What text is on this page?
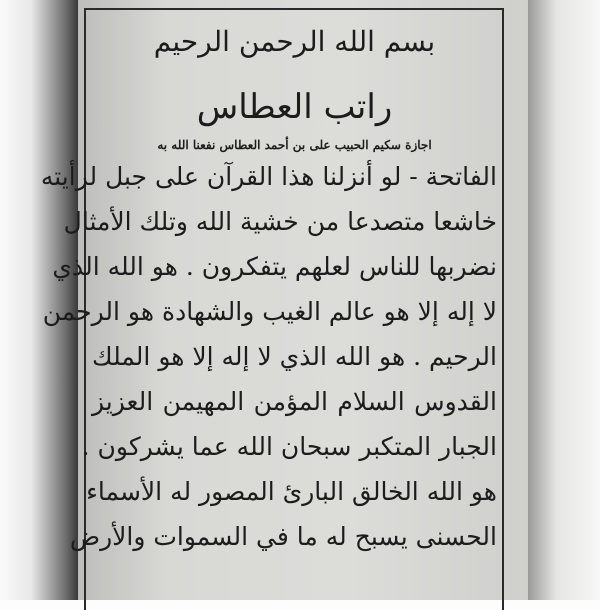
بسم الله الرحمن الرحيم
راتب العطاس
اجازة سكيم الحبيب على بن أحمد العطاس نفعنا الله به
الفاتحة - لو أنزلنا هذا القرآن على جبل لرأيته
خاشعا متصدعا من خشية الله وتلك الأمثال
نضربها للناس لعلهم يتفكرون . هو الله الذي
لا إله إلا هو عالم الغيب والشهادة هو الرحمن
الرحيم . هو الله الذي لا إله إلا هو الملك
القدوس السلام المؤمن المهيمن العزيز
الجبار المتكبر سبحان الله عما يشركون .
هو الله الخالق البارئ المصور له الأسماء
الحسنى يسبح له ما في السموات والأرض
